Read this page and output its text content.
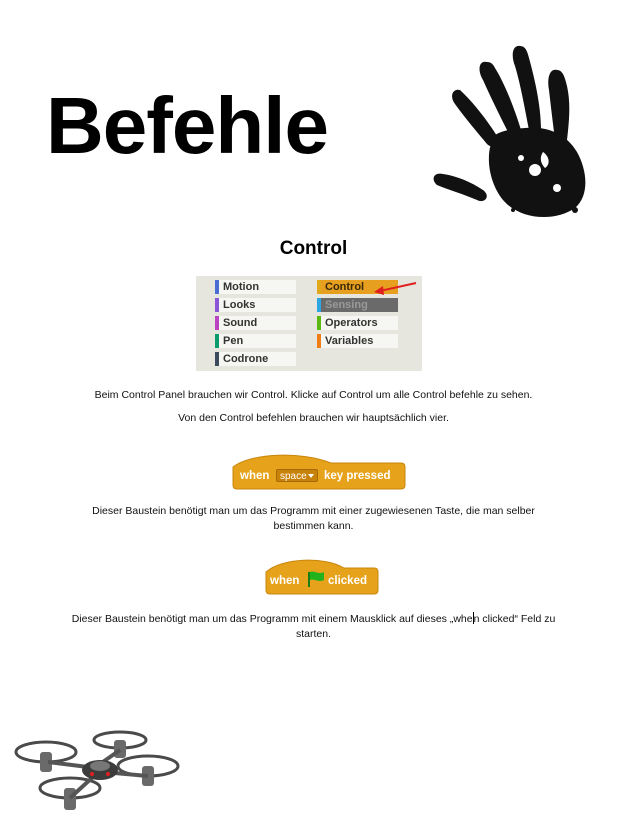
Befehle
Control
Motion
Looks
Sound
Pen
Codrone
Control
Sensing
Operators
Variables
Beim Control Panel brauchen wir Control. Klicke auf Control um alle Control befehle zu sehen.
Von den Control befehlen brauchen wir hauptsächlich vier.
when	space	key pressed
Dieser Baustein benötigt man um das Programm mit einer zugewiesenen Taste, die man selber
bestimmen kann.
when clicked
Dieser Baustein benötigt man um das Programm mit einem Mausklick auf dieses „when clicked“ Feld zu
starten.
